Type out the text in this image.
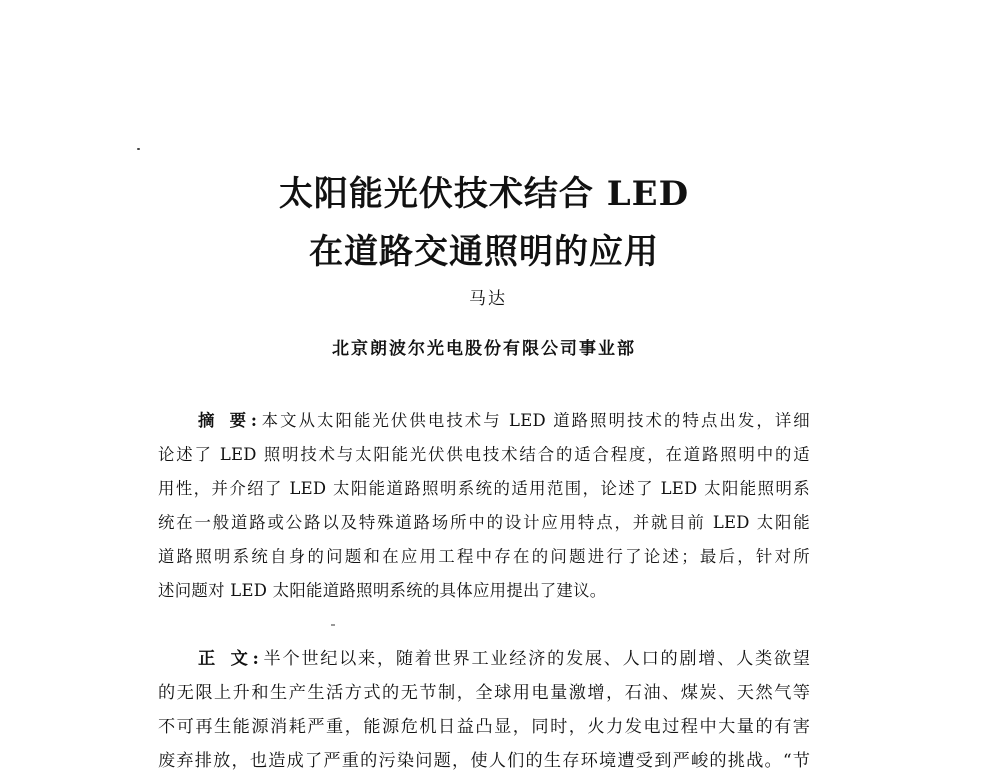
太阳能光伏技术结合 LED
在道路交通照明的应用
马达
北京朗波尔光电股份有限公司事业部
摘 要:本文从太阳能光伏供电技术与 LED 道路照明技术的特点出发，详细
论述了 LED 照明技术与太阳能光伏供电技术结合的适合程度，在道路照明中的适
用性，并介绍了 LED 太阳能道路照明系统的适用范围，论述了 LED 太阳能照明系
统在一般道路或公路以及特殊道路场所中的设计应用特点，并就目前 LED 太阳能
道路照明系统自身的问题和在应用工程中存在的问题进行了论述；最后，针对所
述问题对 LED 太阳能道路照明系统的具体应用提出了建议。
正 文:半个世纪以来，随着世界工业经济的发展、人口的剧增、人类欲望
的无限上升和生产生活方式的无节制，全球用电量激增，石油、煤炭、天然气等
不可再生能源消耗严重，能源危机日益凸显，同时，火力发电过程中大量的有害
废弃排放，也造成了严重的污染问题，使人们的生存环境遭受到严峻的挑战。“节
